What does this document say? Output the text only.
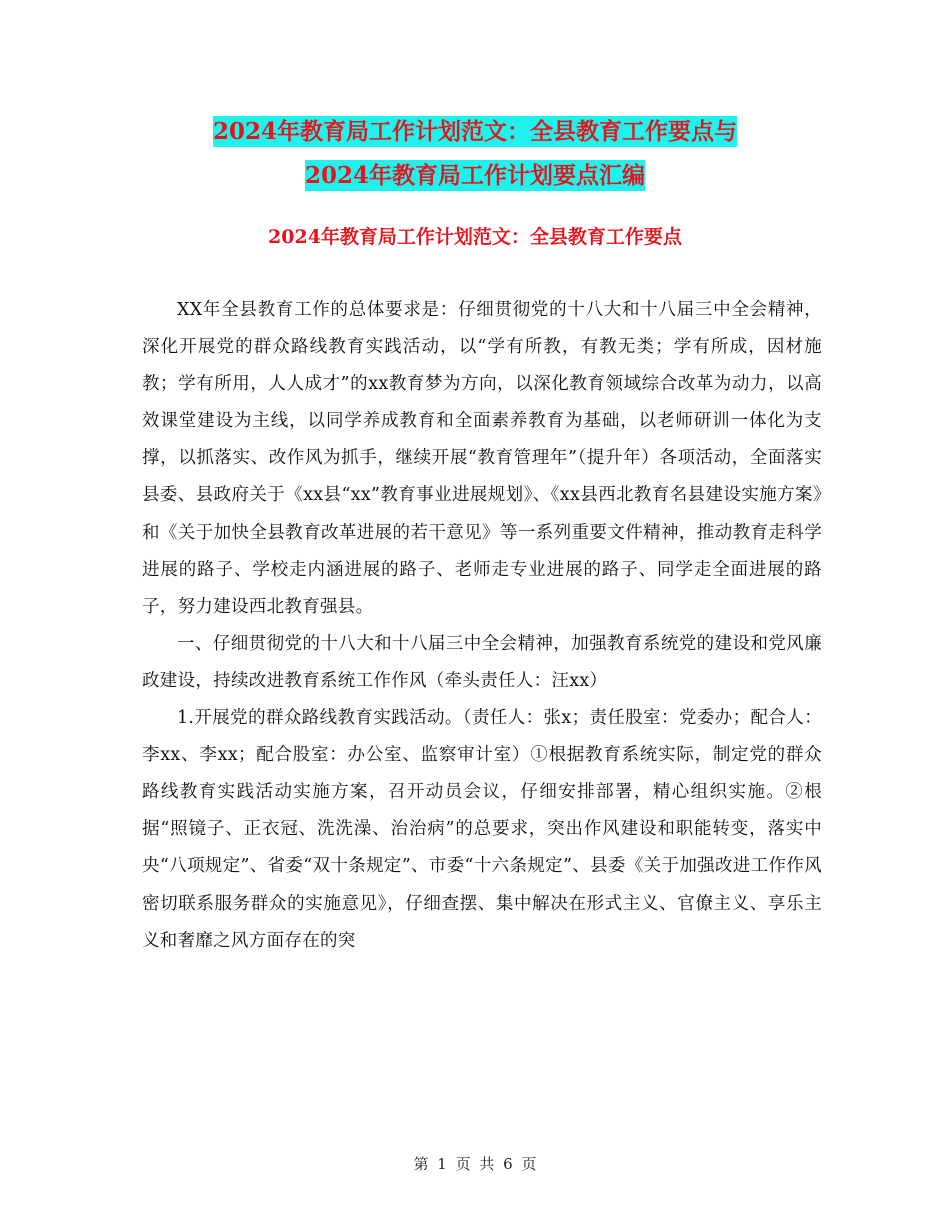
2024年教育局工作计划范文：全县教育工作要点与
2024年教育局工作计划要点汇编
2024年教育局工作计划范文：全县教育工作要点

XX年全县教育工作的总体要求是：仔细贯彻党的十八大和十八届三中全会精神，深化开展党的群众路线教育实践活动，以“学有所教，有教无类；学有所成，因材施教；学有所用，人人成才”的xx教育梦为方向，以深化教育领域综合改革为动力，以高效课堂建设为主线，以同学养成教育和全面素养教育为基础，以老师研训一体化为支撑，以抓落实、改作风为抓手，继续开展“教育管理年”（提升年）各项活动，全面落实县委、县政府关于《xx县“xx”教育事业进展规划》、《xx县西北教育名县建设实施方案》和《关于加快全县教育改革进展的若干意见》等一系列重要文件精神，推动教育走科学进展的路子、学校走内涵进展的路子、老师走专业进展的路子、同学走全面进展的路子，努力建设西北教育强县。

一、仔细贯彻党的十八大和十八届三中全会精神，加强教育系统党的建设和党风廉政建设，持续改进教育系统工作作风（牵头责任人：汪xx）

1.开展党的群众路线教育实践活动。（责任人：张x；责任股室：党委办；配合人：李xx、李xx；配合股室：办公室、监察审计室）①根据教育系统实际，制定党的群众路线教育实践活动实施方案，召开动员会议，仔细安排部署，精心组织实施。②根据“照镜子、正衣冠、洗洗澡、治治病”的总要求，突出作风建设和职能转变，落实中央“八项规定”、省委“双十条规定”、市委“十六条规定”、县委《关于加强改进工作作风密切联系服务群众的实施意见》，仔细查摆、集中解决在形式主义、官僚主义、享乐主义和奢靡之风方面存在的突

第 1 页 共 6 页
